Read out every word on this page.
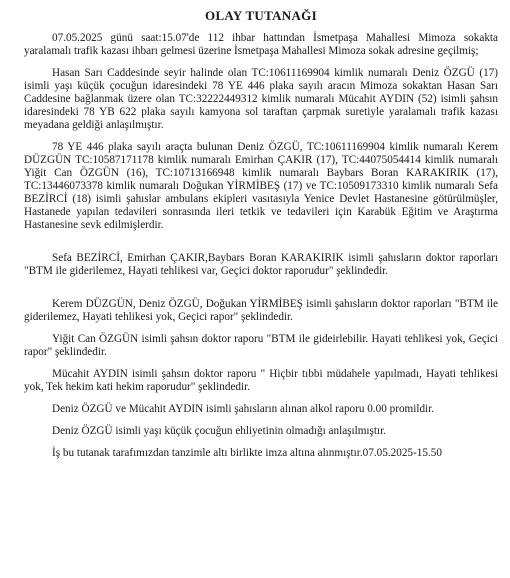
OLAY TUTANAĞI

07.05.2025 günü saat:15.07'de 112 ihbar hattından İsmetpaşa Mahallesi Mimoza sokakta yaralamalı trafik kazası ihbarı gelmesi üzerine İsmetpaşa Mahallesi Mimoza sokak adresine geçilmiş;

Hasan Sarı Caddesinde seyir halinde olan TC:10611169904 kimlik numaralı Deniz ÖZGÜ (17) isimli yaşı küçük çocuğun idaresindeki 78 YE 446 plaka sayılı aracın Mimoza sokaktan Hasan Sarı Caddesine bağlanmak üzere olan TC:32222449312 kimlik numaralı Mücahit AYDIN (52) isimli şahsın idaresindeki 78 YB 622 plaka sayılı kamyona sol taraftan çarpmak suretiyle yaralamalı trafik kazası meyadana geldiği anlaşılmıştır.

78 YE 446 plaka sayılı araçta bulunan Deniz ÖZGÜ, TC:10611169904 kimlik numaralı Kerem DÜZGÜN TC:10587171178 kimlik numaralı Emirhan ÇAKIR (17), TC:44075054414 kimlik numaralı Yiğit Can ÖZGÜN (16), TC:10713166948 kimlik numaralı Baybars Boran KARAKIRIK (17), TC:13446073378 kimlik numaralı Doğukan YİRMİBEŞ (17) ve TC:10509173310 kimlik numaralı Sefa BEZİRCİ (18) isimli şahıslar ambulans ekipleri vasıtasıyla Yenice Devlet Hastanesine götürülmüşler, Hastanede yapılan tedavileri sonrasında ileri tetkik ve tedavileri için Karabük Eğitim ve Araştırma Hastanesine sevk edilmişlerdir.

Sefa BEZİRCİ, Emirhan ÇAKIR,Baybars Boran KARAKIRIK isimli şahısların doktor raporları "BTM ile giderilemez, Hayati tehlikesi var, Geçici doktor raporudur" şeklindedir.

Kerem DÜZGÜN, Deniz ÖZGÜ, Doğukan YİRMİBEŞ isimli şahısların doktor raporları "BTM ile giderilemez, Hayati tehlikesi yok, Geçici rapor" şeklindedir.

Yiğit Can ÖZGÜN isimli şahsın doktor raporu "BTM ile gideirlebilir. Hayati tehlikesi yok, Geçici rapor" şeklindedir.

Mücahit AYDIN isimli şahsın doktor raporu " Hiçbir tıbbi müdahele yapılmadı, Hayati tehlikesi yok, Tek hekim kati hekim raporudur" şeklindedir.

Deniz ÖZGÜ ve Mücahit AYDIN isimli şahısların alınan alkol raporu 0.00 promildir.

Deniz ÖZGÜ isimli yaşı küçük çocuğun ehliyetinin olmadığı anlaşılmıştır.

İş bu tutanak tarafımızdan tanzimle altı birlikte imza altına alınmıştır.07.05.2025-15.50
